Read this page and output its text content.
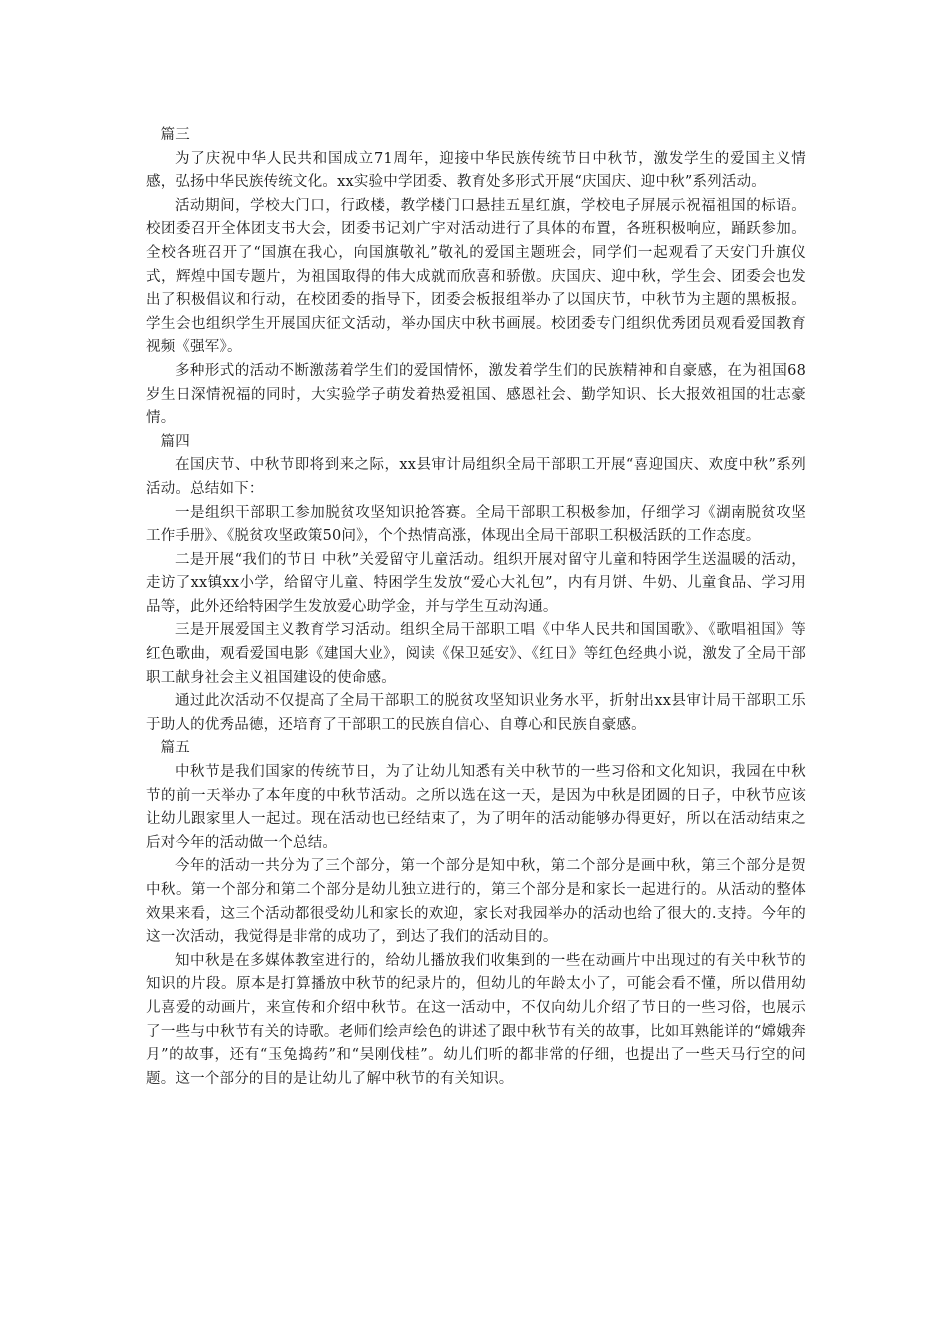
篇三

为了庆祝中华人民共和国成立71周年，迎接中华民族传统节日中秋节，激发学生的爱国主义情感，弘扬中华民族传统文化。xx实验中学团委、教育处多形式开展“庆国庆、迎中秋”系列活动。

活动期间，学校大门口，行政楼，教学楼门口悬挂五星红旗，学校电子屏展示祝福祖国的标语。校团委召开全体团支书大会，团委书记刘广宇对活动进行了具体的布置，各班积极响应，踊跃参加。全校各班召开了“国旗在我心，向国旗敬礼”敬礼的爱国主题班会，同学们一起观看了天安门升旗仪式，辉煌中国专题片，为祖国取得的伟大成就而欣喜和骄傲。庆国庆、迎中秋，学生会、团委会也发出了积极倡议和行动，在校团委的指导下，团委会板报组举办了以国庆节，中秋节为主题的黑板报。学生会也组织学生开展国庆征文活动，举办国庆中秋书画展。校团委专门组织优秀团员观看爱国教育视频《强军》。

多种形式的活动不断激荡着学生们的爱国情怀，激发着学生们的民族精神和自豪感，在为祖国68岁生日深情祝福的同时，大实验学子萌发着热爱祖国、感恩社会、勤学知识、长大报效祖国的壮志豪情。

篇四

在国庆节、中秋节即将到来之际，xx县审计局组织全局干部职工开展“喜迎国庆、欢度中秋”系列活动。总结如下：

一是组织干部职工参加脱贫攻坚知识抢答赛。全局干部职工积极参加，仔细学习《湖南脱贫攻坚工作手册》、《脱贫攻坚政策50问》，个个热情高涨，体现出全局干部职工积极活跃的工作态度。

二是开展“我们的节日 中秋”关爱留守儿童活动。组织开展对留守儿童和特困学生送温暖的活动，走访了xx镇xx小学，给留守儿童、特困学生发放“爱心大礼包”，内有月饼、牛奶、儿童食品、学习用品等，此外还给特困学生发放爱心助学金，并与学生互动沟通。

三是开展爱国主义教育学习活动。组织全局干部职工唱《中华人民共和国国歌》、《歌唱祖国》等红色歌曲，观看爱国电影《建国大业》，阅读《保卫延安》、《红日》等红色经典小说，激发了全局干部职工献身社会主义祖国建设的使命感。

通过此次活动不仅提高了全局干部职工的脱贫攻坚知识业务水平，折射出xx县审计局干部职工乐于助人的优秀品德，还培育了干部职工的民族自信心、自尊心和民族自豪感。

篇五

中秋节是我们国家的传统节日，为了让幼儿知悉有关中秋节的一些习俗和文化知识，我园在中秋节的前一天举办了本年度的中秋节活动。之所以选在这一天，是因为中秋是团圆的日子，中秋节应该让幼儿跟家里人一起过。现在活动也已经结束了，为了明年的活动能够办得更好，所以在活动结束之后对今年的活动做一个总结。

今年的活动一共分为了三个部分，第一个部分是知中秋，第二个部分是画中秋，第三个部分是贺中秋。第一个部分和第二个部分是幼儿独立进行的，第三个部分是和家长一起进行的。从活动的整体效果来看，这三个活动都很受幼儿和家长的欢迎，家长对我园举办的活动也给了很大的.支持。今年的这一次活动，我觉得是非常的成功了，到达了我们的活动目的。

知中秋是在多媒体教室进行的，给幼儿播放我们收集到的一些在动画片中出现过的有关中秋节的知识的片段。原本是打算播放中秋节的纪录片的，但幼儿的年龄太小了，可能会看不懂，所以借用幼儿喜爱的动画片，来宣传和介绍中秋节。在这一活动中，不仅向幼儿介绍了节日的一些习俗，也展示了一些与中秋节有关的诗歌。老师们绘声绘色的讲述了跟中秋节有关的故事，比如耳熟能详的“嫦娥奔月”的故事，还有“玉兔捣药”和“吴刚伐桂”。幼儿们听的都非常的仔细，也提出了一些天马行空的问题。这一个部分的目的是让幼儿了解中秋节的有关知识。
